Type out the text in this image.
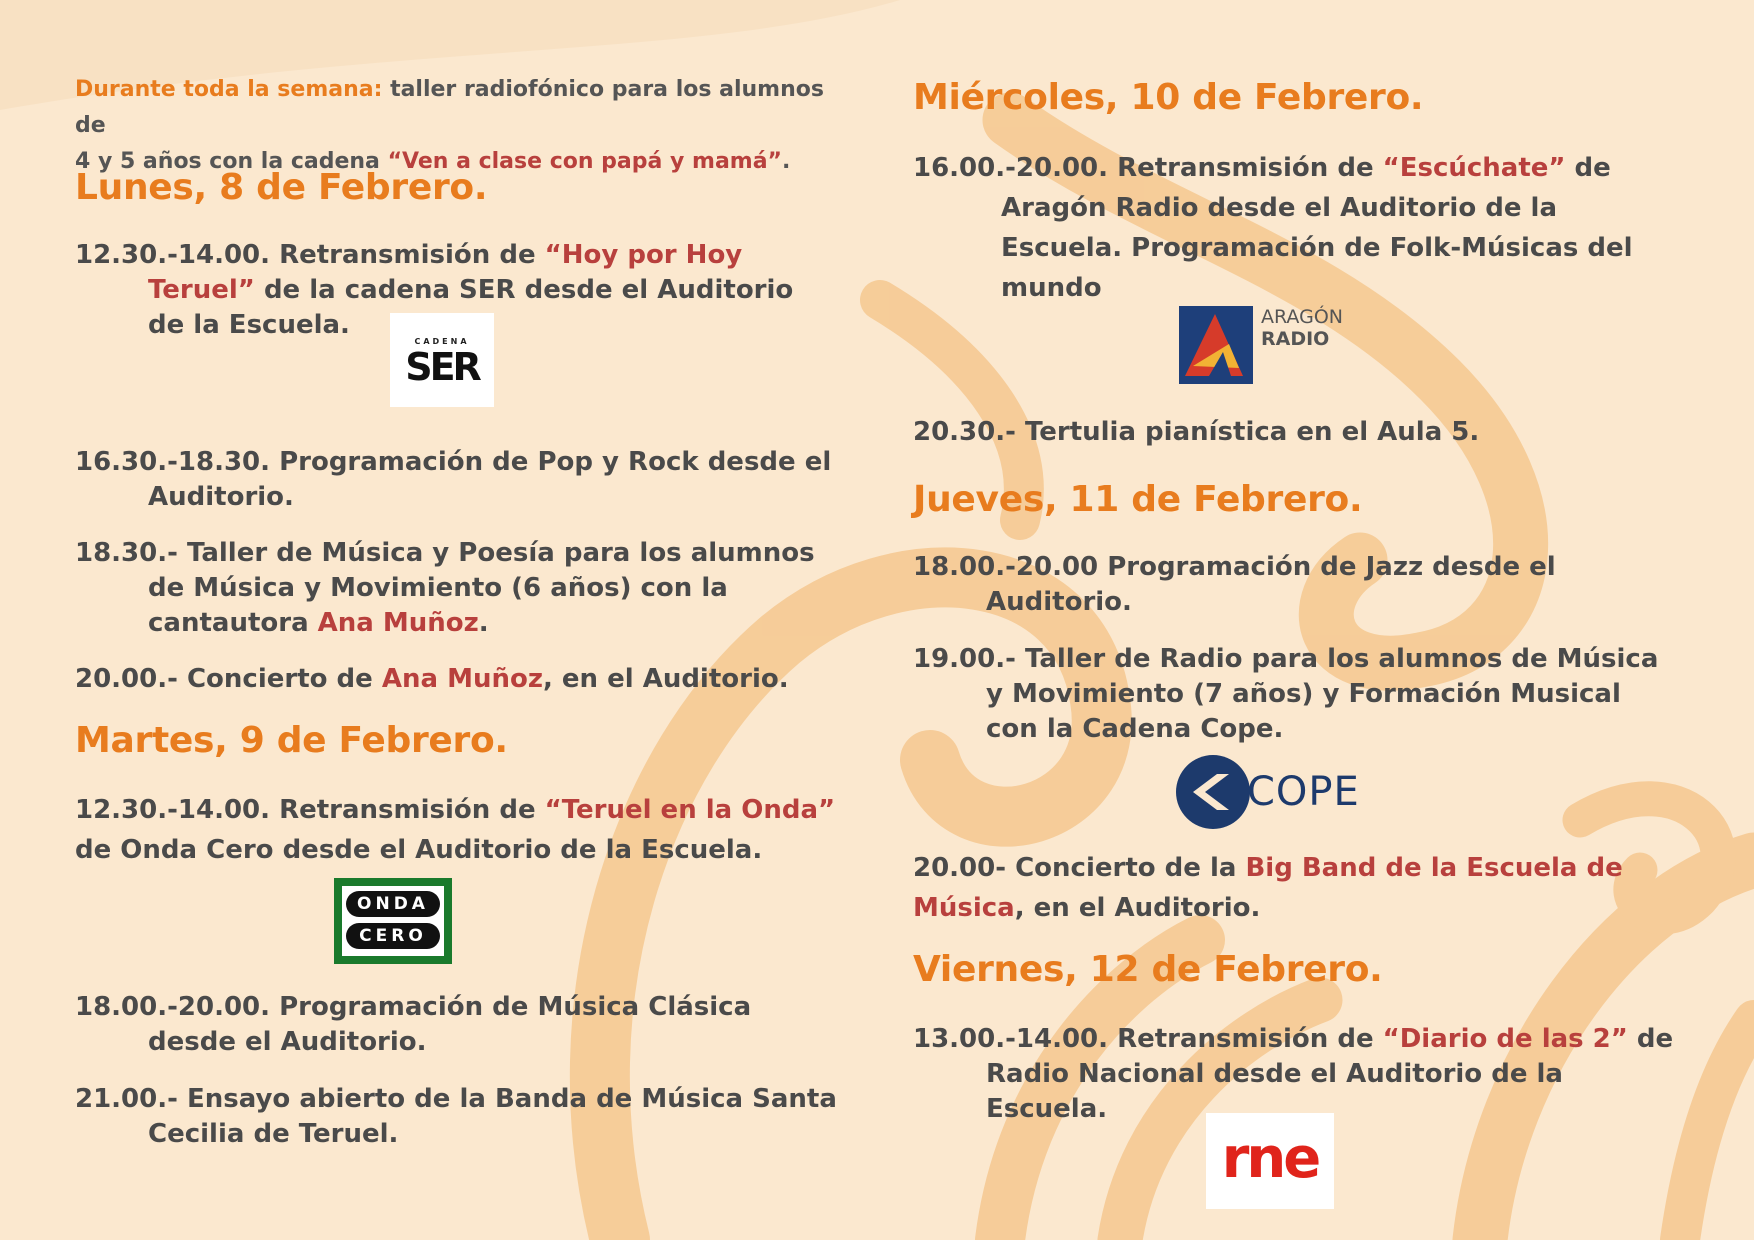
Durante toda la semana: taller radiofónico para los alumnos de
4 y 5 años con la cadena “Ven a clase con papá y mamá”.
Lunes, 8 de Febrero.
12.30.-14.00. Retransmisión de “Hoy por Hoy
Teruel” de la cadena SER desde el Auditorio
de la Escuela.
CADENA
SER
16.30.-18.30. Programación de Pop y Rock desde el
Auditorio.
18.30.- Taller de Música y Poesía para los alumnos
de Música y Movimiento (6 años) con la
cantautora Ana Muñoz.
20.00.- Concierto de Ana Muñoz, en el Auditorio.
Martes, 9 de Febrero.
12.30.-14.00. Retransmisión de “Teruel en la Onda”
de Onda Cero desde el Auditorio de la Escuela.
ONDA
CERO
18.00.-20.00. Programación de Música Clásica
desde el Auditorio.
21.00.- Ensayo abierto de la Banda de Música Santa
Cecilia de Teruel.
Miércoles, 10 de Febrero.
16.00.-20.00. Retransmisión de “Escúchate” de
Aragón Radio desde el Auditorio de la
Escuela. Programación de Folk-Músicas del
mundo
ARAGÓN
RADIO
20.30.- Tertulia pianística en el Aula 5.
Jueves, 11 de Febrero.
18.00.-20.00 Programación de Jazz desde el
Auditorio.
19.00.- Taller de Radio para los alumnos de Música
y Movimiento (7 años) y Formación Musical
con la Cadena Cope.
COPE
20.00- Concierto de la Big Band de la Escuela de
Música, en el Auditorio.
Viernes, 12 de Febrero.
13.00.-14.00. Retransmisión de “Diario de las 2” de
Radio Nacional desde el Auditorio de la
Escuela.
rne
